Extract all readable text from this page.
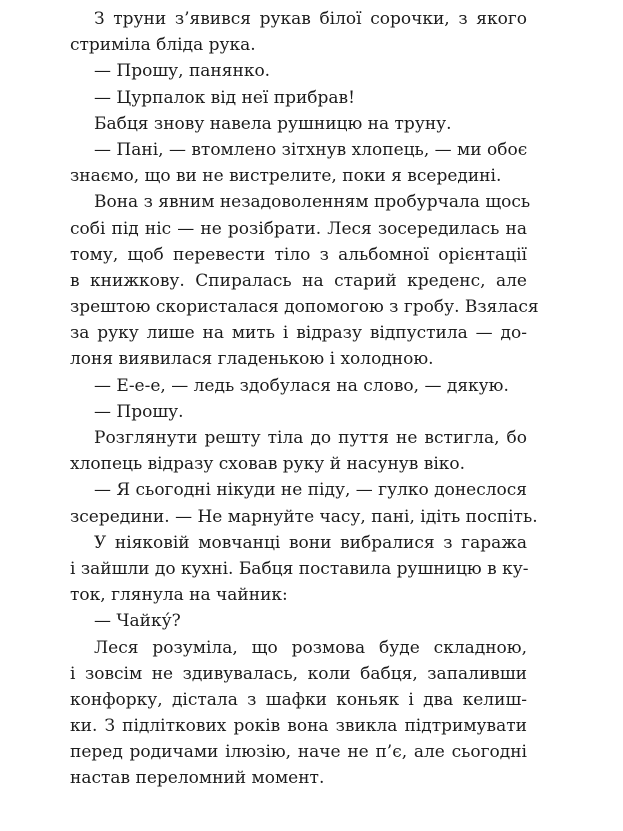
З труни з’явився рукав білої сорочки, з якого
стриміла бліда рука.
— Прошу, панянко.
— Цурпалок від неї прибрав!
Бабця знову навела рушницю на труну.
— Пані, — втомлено зітхнув хлопець, — ми обоє
знаємо, що ви не вистрелите, поки я всередині.
Вона з явним незадоволенням пробурчала щось
собі під ніс — не розібрати. Леся зосередилась на
тому, щоб перевести тіло з альбомної орієнтації
в книжкову. Спиралась на старий креденс, але
зрештою скористалася допомогою з гробу. Взялася
за руку лише на мить і відразу відпустила — до-
лоня виявилася гладенькою і холодною.
— Е-е-е, — ледь здобулася на слово, — дякую.
— Прошу.
Розглянути решту тіла до пуття не встигла, бо
хлопець відразу сховав руку й насунув віко.
— Я сьогодні нікуди не піду, — гулко донеслося
зсередини. — Не марнуйте часу, пані, ідіть поспіть.
У ніяковій мовчанці вони вибралися з гаража
і зайшли до кухні. Бабця поставила рушницю в ку-
ток, глянула на чайник:
— Чайку́?
Леся розуміла, що розмова буде складною,
і зовсім не здивувалась, коли бабця, запаливши
конфорку, дістала з шафки коньяк і два келиш-
ки. З підліткових років вона звикла підтримувати
перед родичами ілюзію, наче не п’є, але сьогодні
настав переломний момент.
